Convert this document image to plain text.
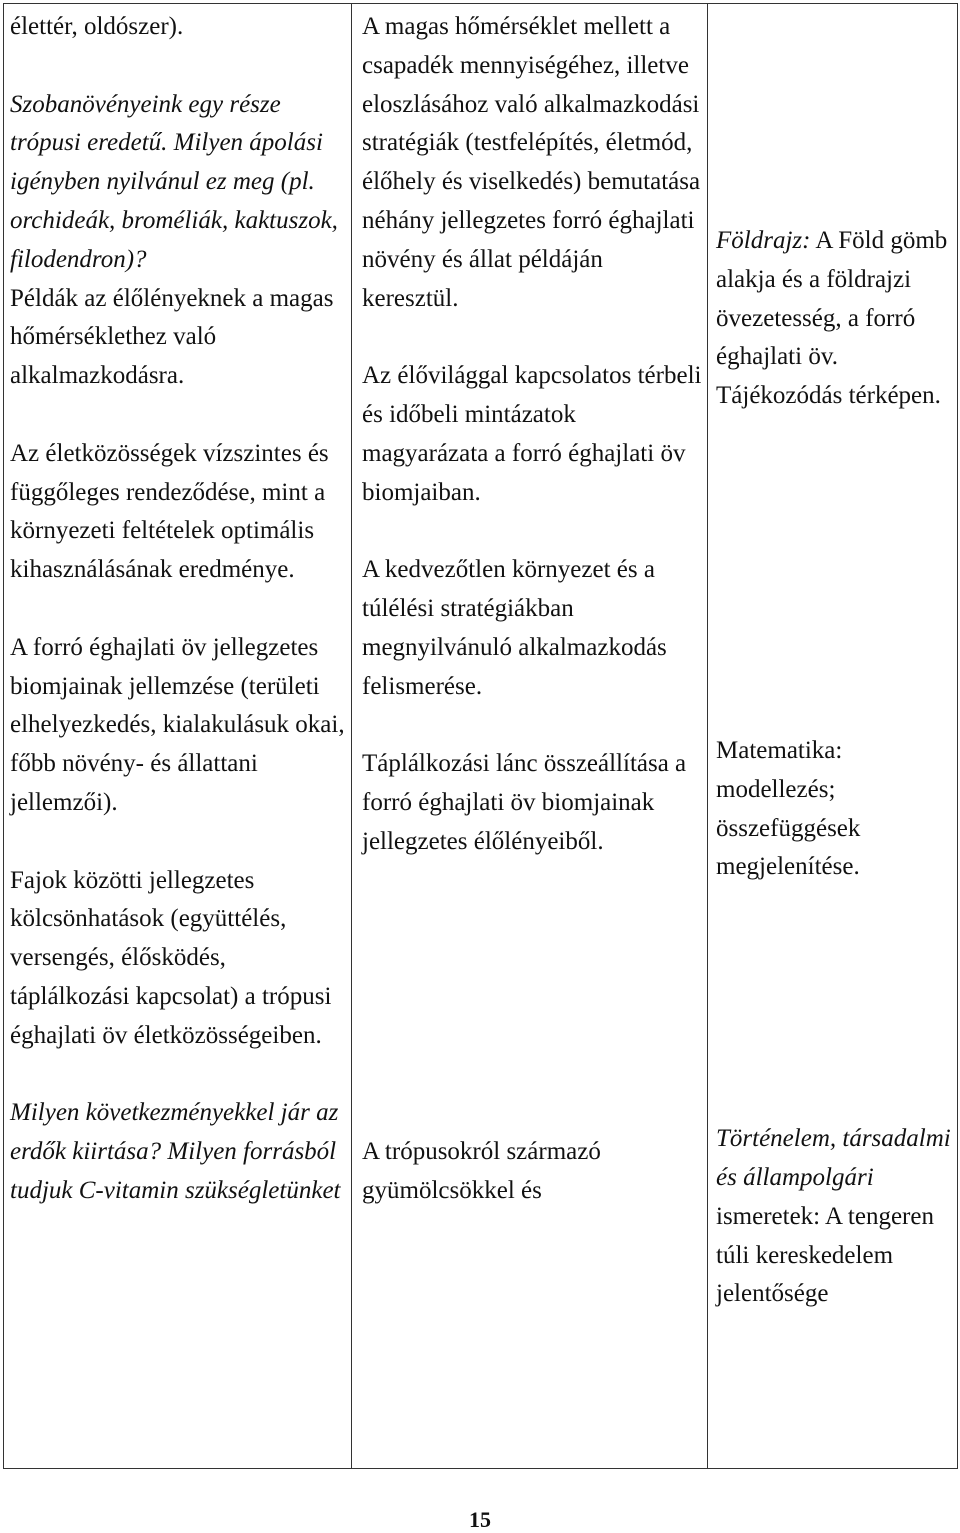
élettér, oldószer).

Szobanövényeink egy része trópusi eredetű. Milyen ápolási igényben nyilvánul ez meg (pl. orchideák, broméliák, kaktuszok, filodendron)?

Példák az élőlényeknek a magas hőmérséklethez való alkalmazkodásra.

Az életközösségek vízszintes és függőleges rendeződése, mint a környezeti feltételek optimális kihasználásának eredménye.

A forró éghajlati öv jellegzetes biomjainak jellemzése (területi elhelyezkedés, kialakulásuk okai, főbb növény- és állattani jellemzői).

Fajok közötti jellegzetes kölcsönhatások (együttélés, versengés, élősködés, táplálkozási kapcsolat) a trópusi éghajlati öv életközösségeiben.

Milyen következményekkel jár az erdők kiirtása? Milyen forrásból tudjuk C-vitamin szükségletünket

A magas hőmérséklet mellett a csapadék mennyiségéhez, illetve eloszlásához való alkalmazkodási stratégiák (testfelépítés, életmód, élőhely és viselkedés) bemutatása néhány jellegzetes forró éghajlati növény és állat példáján keresztül.

Az élővilággal kapcsolatos térbeli és időbeli mintázatok magyarázata a forró éghajlati öv biomjaiban.

A kedvezőtlen környezet és a túlélési stratégiákban megnyilvánuló alkalmazkodás felismerése.

Táplálkozási lánc összeállítása a forró éghajlati öv biomjainak jellegzetes élőlényeiből.

A trópusokról származó gyümölcsökkel és

Földrajz: A Föld gömb alakja és a földrajzi övezetesség, a forró éghajlati öv. Tájékozódás térképen.

Matematika: modellezés; összefüggések megjelenítése.

Történelem, társadalmi és állampolgári ismeretek: A tengeren túli kereskedelem jelentősége

15
